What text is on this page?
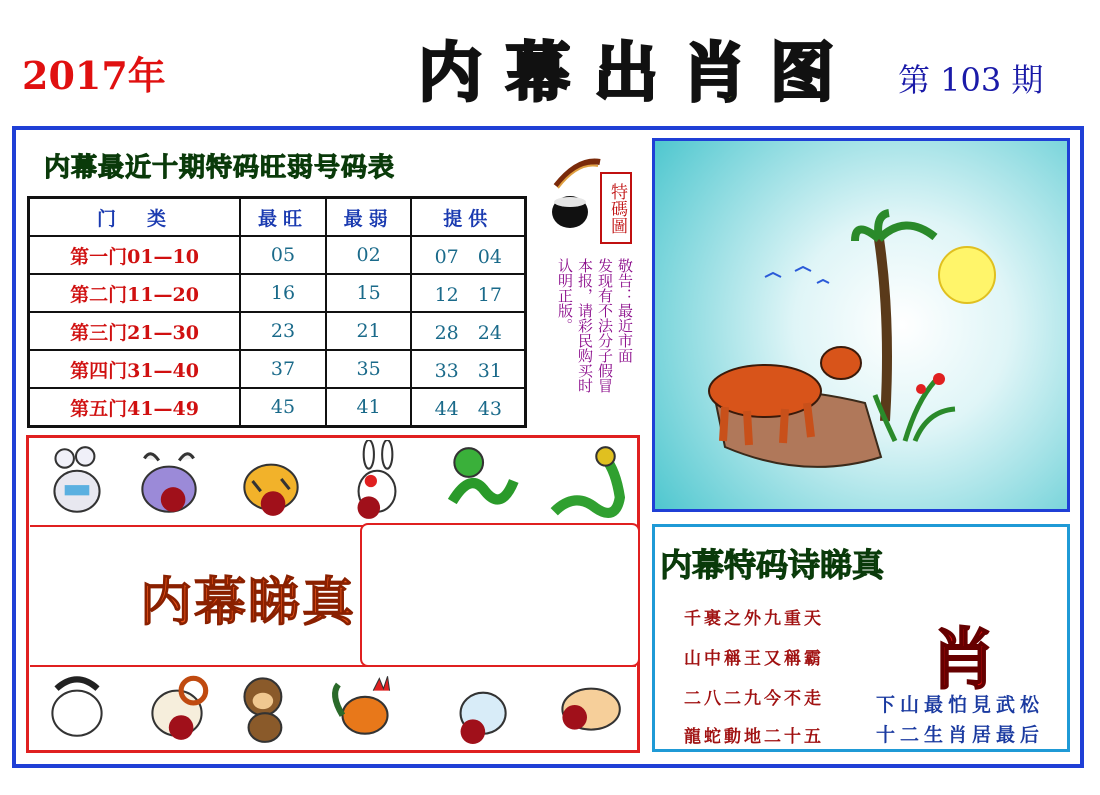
2017年	内 幕 出 肖 图	第 103 期
内幕最近十期特码旺弱号码表
门　类	最旺	最弱	提供
第一门01—10	05	02	07　04
第二门11—20	16	15	12　17
第三门21—30	23	21	28　24
第四门31—40	37	35	33　31
第五门41—49	45	41	44　43
特碼圖
敬告：最近市面
发现有不法分子假冒
本报，请彩民购买时
认明正版。
内幕睇真
内幕特码诗睇真
千裹之外九重天
山中稱王又稱霸
二八二九今不走
龍蛇動地二十五
肖
下山最怕見武松
十二生肖居最后
